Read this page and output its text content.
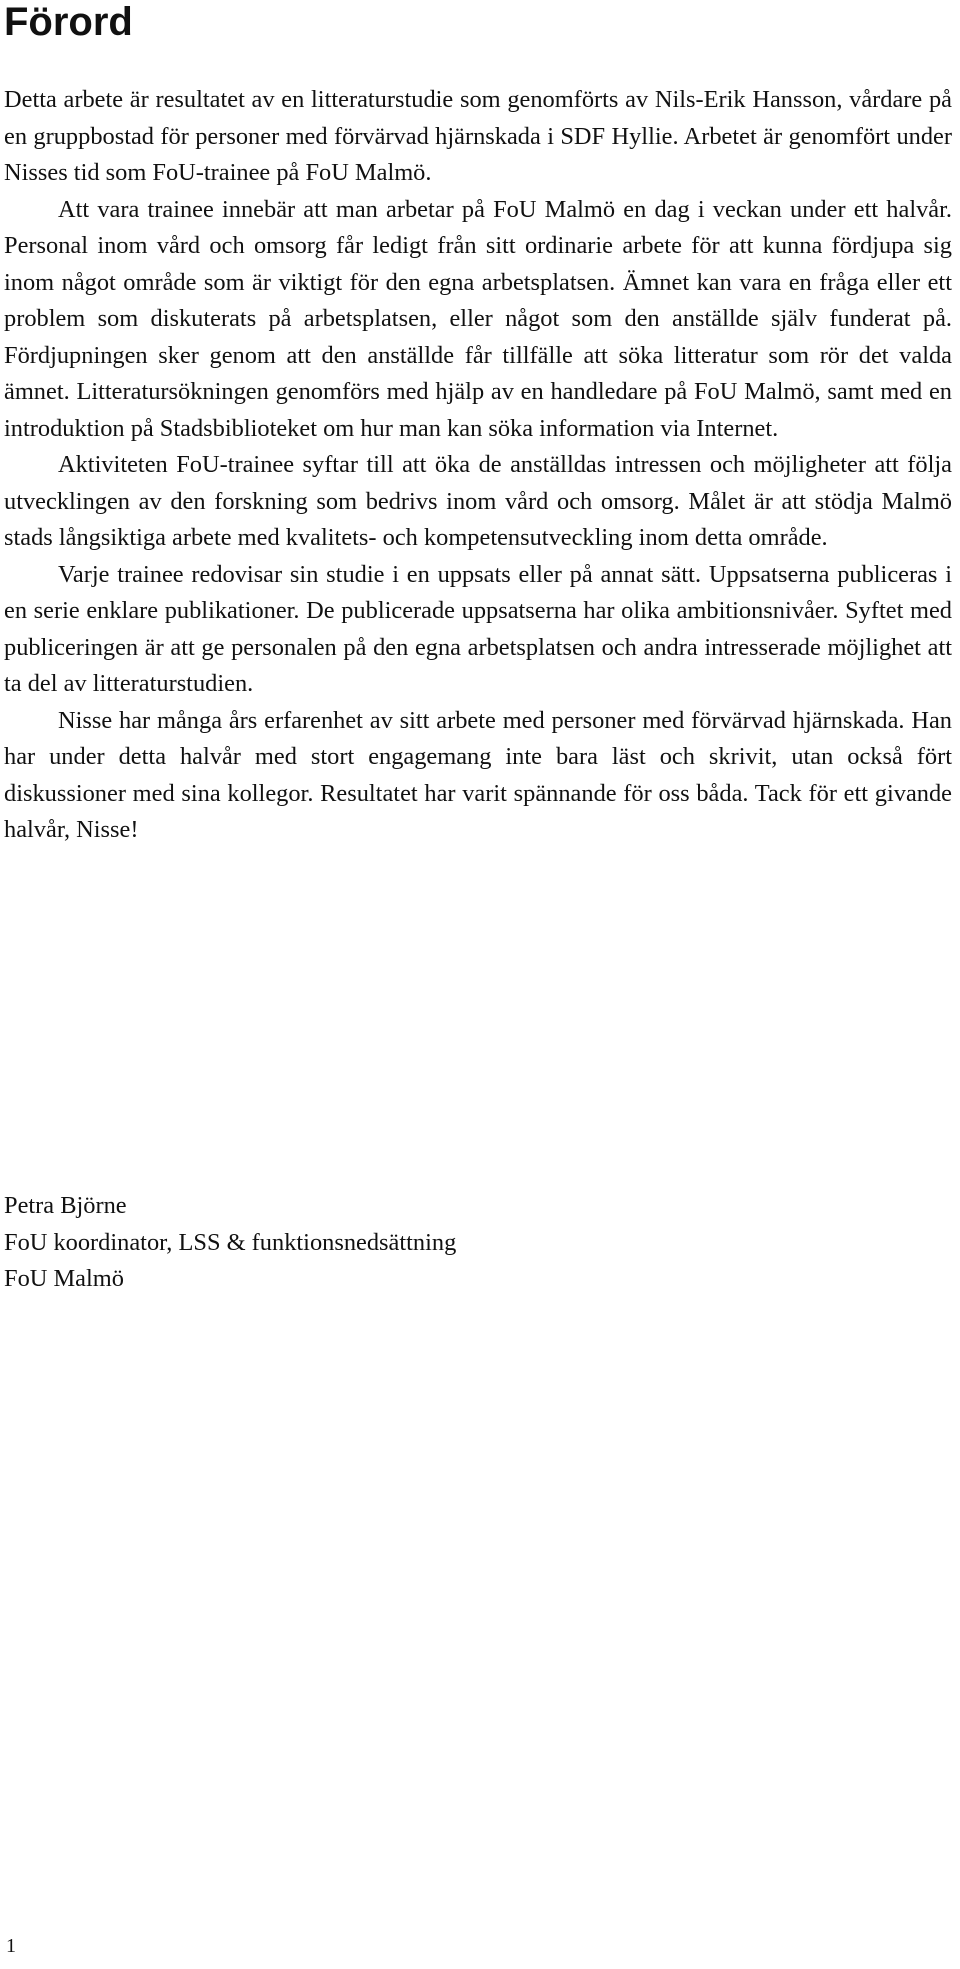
Förord

Detta arbete är resultatet av en litteraturstudie som genomförts av Nils-Erik Hansson, vårdare på en gruppbostad för personer med förvärvad hjärnskada i SDF Hyllie. Arbetet är genomfört under Nisses tid som FoU-trainee på FoU Malmö.

Att vara trainee innebär att man arbetar på FoU Malmö en dag i veckan under ett halvår. Personal inom vård och omsorg får ledigt från sitt ordinarie arbete för att kunna fördjupa sig inom något område som är viktigt för den egna arbetsplatsen. Ämnet kan vara en fråga eller ett problem som diskuterats på arbetsplatsen, eller något som den anställde själv funderat på. Fördjupningen sker genom att den anställde får tillfälle att söka litteratur som rör det valda ämnet. Litteratursökningen genomförs med hjälp av en handledare på FoU Malmö, samt med en introduktion på Stadsbiblioteket om hur man kan söka information via Internet.

Aktiviteten FoU-trainee syftar till att öka de anställdas intressen och möjligheter att följa utvecklingen av den forskning som bedrivs inom vård och omsorg. Målet är att stödja Malmö stads långsiktiga arbete med kvalitets- och kompetensutveckling inom detta område.

Varje trainee redovisar sin studie i en uppsats eller på annat sätt. Uppsatserna publiceras i en serie enklare publikationer. De publicerade uppsatserna har olika ambitionsnivåer. Syftet med publiceringen är att ge personalen på den egna arbetsplatsen och andra intresserade möjlighet att ta del av litteraturstudien.

Nisse har många års erfarenhet av sitt arbete med personer med förvärvad hjärnskada. Han har under detta halvår med stort engagemang inte bara läst och skrivit, utan också fört diskussioner med sina kollegor. Resultatet har varit spännande för oss båda. Tack för ett givande halvår, Nisse!

Petra Björne
FoU koordinator, LSS & funktionsnedsättning
FoU Malmö
1
